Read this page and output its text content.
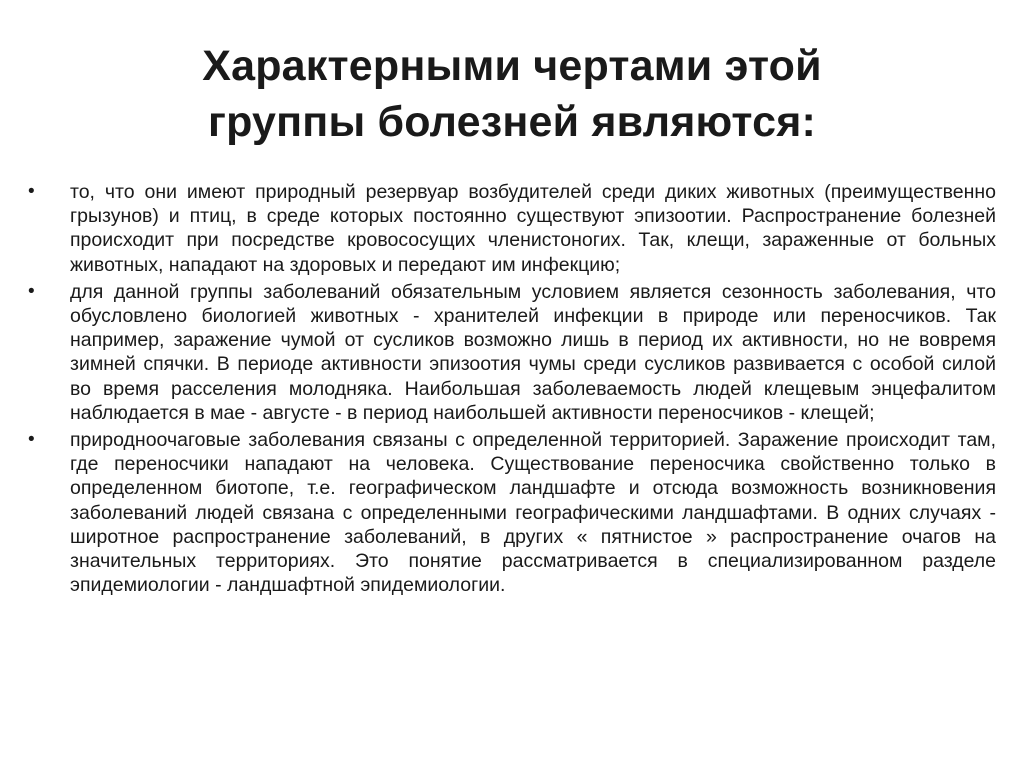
Характерными чертами этой
группы болезней являются:
•	то, что они имеют природный резервуар возбудителей среди диких животных (преимущественно грызунов) и птиц, в среде которых постоянно существуют эпизоотии. Распространение болезней происходит при посредстве кровососущих членистоногих. Так, клещи, зараженные от больных животных, нападают на здоровых и передают им инфекцию;
•	для данной группы заболеваний обязательным условием является сезонность заболевания, что обусловлено биологией животных - хранителей инфекции в природе или переносчиков. Так например, заражение чумой от сусликов возможно лишь в период их активности, но не вовремя зимней спячки. В периоде активности эпизоотия чумы среди сусликов развивается с особой силой во время расселения молодняка. Наибольшая заболеваемость людей клещевым энцефалитом наблюдается в мае - августе - в период наибольшей активности переносчиков - клещей;
•	природноочаговые заболевания связаны с определенной территорией. Заражение происходит там, где переносчики нападают на человека. Существование переносчика свойственно только в определенном биотопе, т.е. географическом ландшафте и отсюда возможность возникновения заболеваний людей связана с определенными географическими ландшафтами. В одних случаях - широтное распространение заболеваний, в других « пятнистое » распространение очагов на значительных территориях. Это понятие рассматривается в специализированном разделе эпидемиологии - ландшафтной эпидемиологии.
